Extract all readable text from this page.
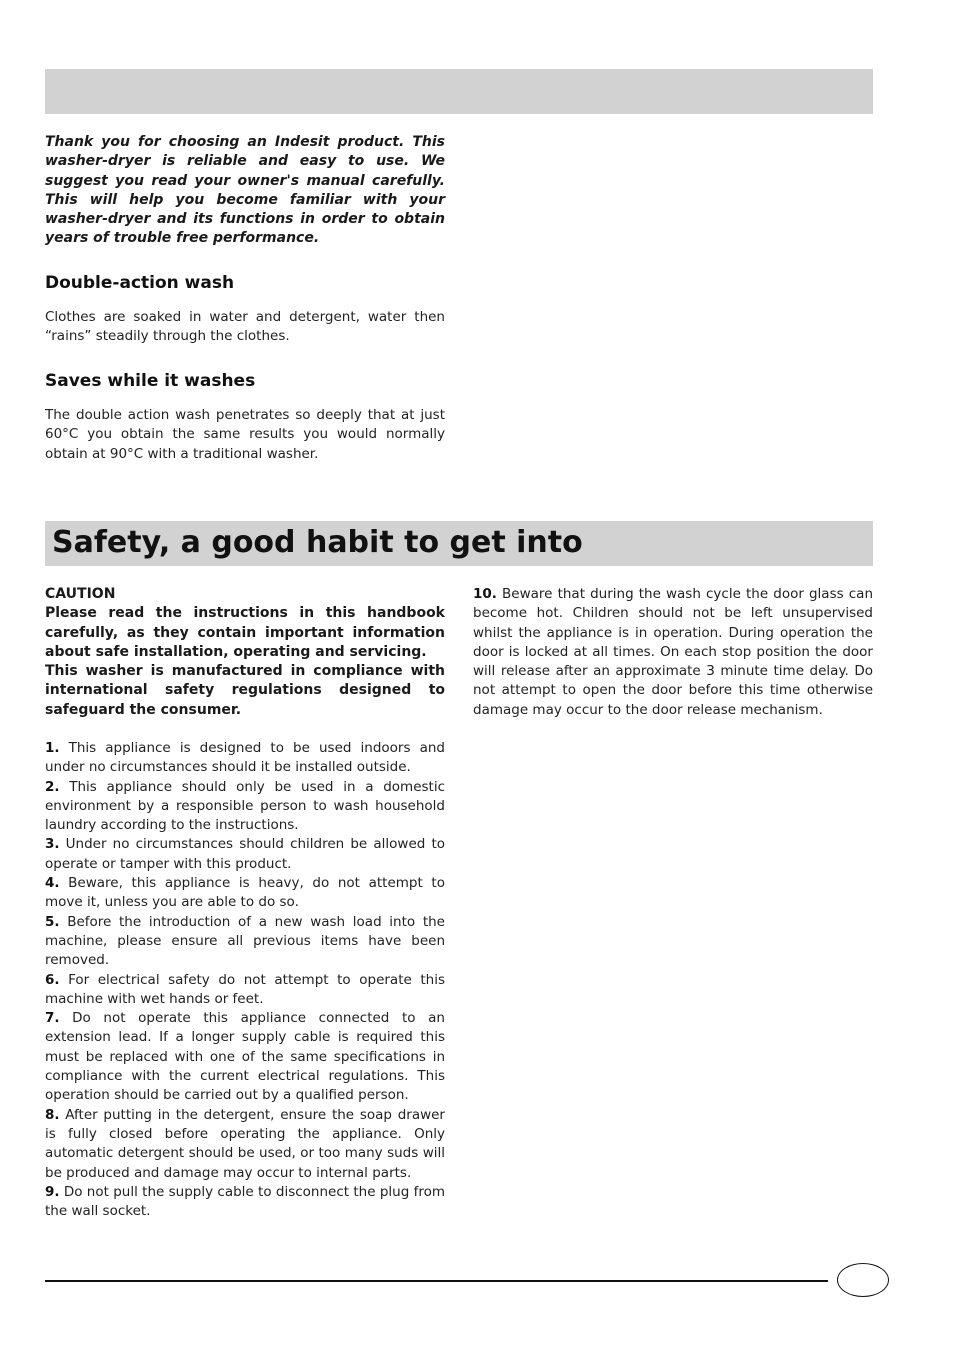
Thank you for choosing an Indesit product. This washer-dryer is reliable and easy to use. We suggest you read your owner's manual carefully. This will help you become familiar with your washer-dryer and its functions in order to obtain years of trouble free performance.

Double-action wash

Clothes are soaked in water and detergent, water then “rains” steadily through the clothes.

Saves while it washes

The double action wash penetrates so deeply that at just 60°C you obtain the same results you would normally obtain at 90°C with a traditional washer.

Safety, a good habit to get into

CAUTION

Please read the instructions in this handbook carefully, as they contain important information about safe installation, operating and servicing.

This washer is manufactured in compliance with international safety regulations designed to safeguard the consumer.

1. This appliance is designed to be used indoors and under no circumstances should it be installed outside.

2. This appliance should only be used in a domestic environment by a responsible person to wash household laundry according to the instructions.

3. Under no circumstances should children be allowed to operate or tamper with this product.

4. Beware, this appliance is heavy, do not attempt to move it, unless you are able to do so.

5. Before the introduction of a new wash load into the machine, please ensure all previous items have been removed.

6. For electrical safety do not attempt to operate this machine with wet hands or feet.

7. Do not operate this appliance connected to an extension lead. If a longer supply cable is required this must be replaced with one of the same specifications in compliance with the current electrical regulations. This operation should be carried out by a qualified person.

8. After putting in the detergent, ensure the soap drawer is fully closed before operating the appliance. Only automatic detergent should be used, or too many suds will be produced and damage may occur to internal parts.

9. Do not pull the supply cable to disconnect the plug from the wall socket.

10. Beware that during the wash cycle the door glass can become hot. Children should not be left unsupervised whilst the appliance is in operation. During operation the door is locked at all times. On each stop position the door will release after an approximate 3 minute time delay. Do not attempt to open the door before this time otherwise damage may occur to the door release mechanism.
